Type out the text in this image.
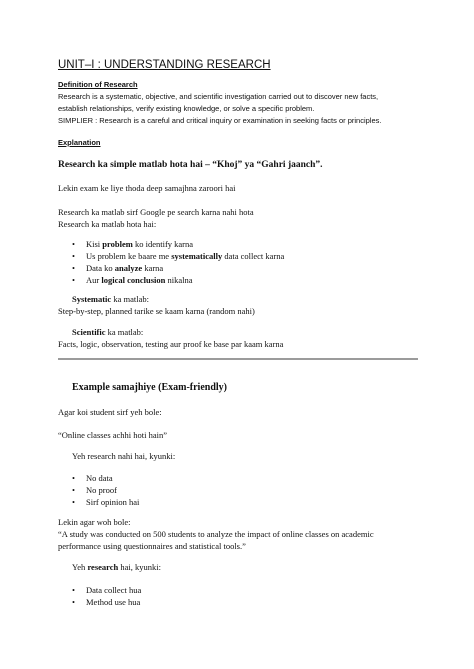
UNIT–I : UNDERSTANDING RESEARCH
Definition of Research
Research is a systematic, objective, and scientific investigation carried out to discover new facts,
establish relationships, verify existing knowledge, or solve a specific problem.
SIMPLIER : Research is a careful and critical inquiry or examination in seeking facts or principles.
Explanation
Research ka simple matlab hota hai – “Khoj” ya “Gahri jaanch”.
Lekin exam ke liye thoda deep samajhna zaroori hai
Research ka matlab sirf Google pe search karna nahi hota
Research ka matlab hota hai:
• Kisi problem ko identify karna
• Us problem ke baare me systematically data collect karna
• Data ko analyze karna
• Aur logical conclusion nikalna
Systematic ka matlab:
Step-by-step, planned tarike se kaam karna (random nahi)
Scientific ka matlab:
Facts, logic, observation, testing aur proof ke base par kaam karna
Example samajhiye (Exam-friendly)
Agar koi student sirf yeh bole:
“Online classes achhi hoti hain”
Yeh research nahi hai, kyunki:
• No data
• No proof
• Sirf opinion hai
Lekin agar woh bole:
“A study was conducted on 500 students to analyze the impact of online classes on academic
performance using questionnaires and statistical tools.”
Yeh research hai, kyunki:
• Data collect hua
• Method use hua
